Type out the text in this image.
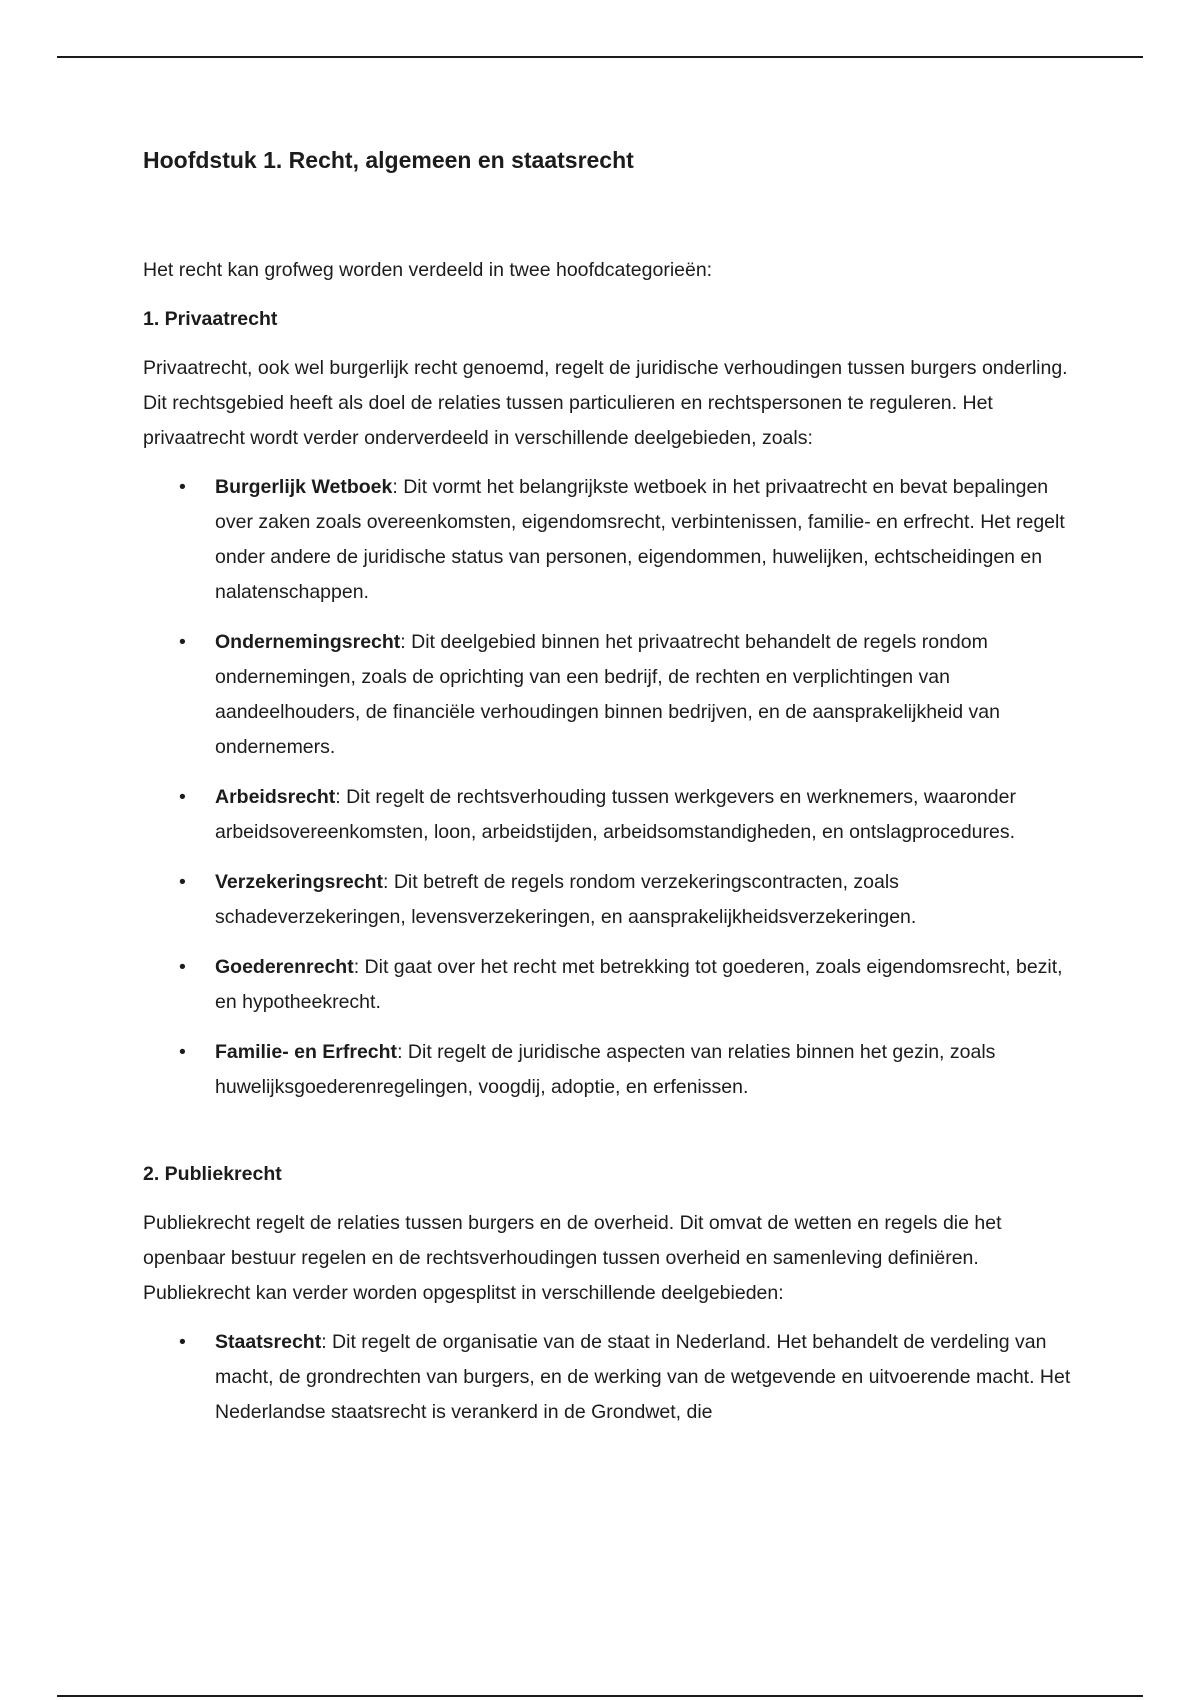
Hoofdstuk 1. Recht, algemeen en staatsrecht

Het recht kan grofweg worden verdeeld in twee hoofdcategorieën:

1. Privaatrecht

Privaatrecht, ook wel burgerlijk recht genoemd, regelt de juridische verhoudingen tussen burgers onderling. Dit rechtsgebied heeft als doel de relaties tussen particulieren en rechtspersonen te reguleren. Het privaatrecht wordt verder onderverdeeld in verschillende deelgebieden, zoals:

• Burgerlijk Wetboek: Dit vormt het belangrijkste wetboek in het privaatrecht en bevat bepalingen over zaken zoals overeenkomsten, eigendomsrecht, verbintenissen, familie- en erfrecht. Het regelt onder andere de juridische status van personen, eigendommen, huwelijken, echtscheidingen en nalatenschappen.
• Ondernemingsrecht: Dit deelgebied binnen het privaatrecht behandelt de regels rondom ondernemingen, zoals de oprichting van een bedrijf, de rechten en verplichtingen van aandeelhouders, de financiële verhoudingen binnen bedrijven, en de aansprakelijkheid van ondernemers.
• Arbeidsrecht: Dit regelt de rechtsverhouding tussen werkgevers en werknemers, waaronder arbeidsovereenkomsten, loon, arbeidstijden, arbeidsomstandigheden, en ontslagprocedures.
• Verzekeringsrecht: Dit betreft de regels rondom verzekeringscontracten, zoals schadeverzekeringen, levensverzekeringen, en aansprakelijkheidsverzekeringen.
• Goederenrecht: Dit gaat over het recht met betrekking tot goederen, zoals eigendomsrecht, bezit, en hypotheekrecht.
• Familie- en Erfrecht: Dit regelt de juridische aspecten van relaties binnen het gezin, zoals huwelijksgoederenregelingen, voogdij, adoptie, en erfenissen.
2. Publiekrecht

Publiekrecht regelt de relaties tussen burgers en de overheid. Dit omvat de wetten en regels die het openbaar bestuur regelen en de rechtsverhoudingen tussen overheid en samenleving definiëren. Publiekrecht kan verder worden opgesplitst in verschillende deelgebieden:

• Staatsrecht: Dit regelt de organisatie van de staat in Nederland. Het behandelt de verdeling van macht, de grondrechten van burgers, en de werking van de wetgevende en uitvoerende macht. Het Nederlandse staatsrecht is verankerd in de Grondwet, die
